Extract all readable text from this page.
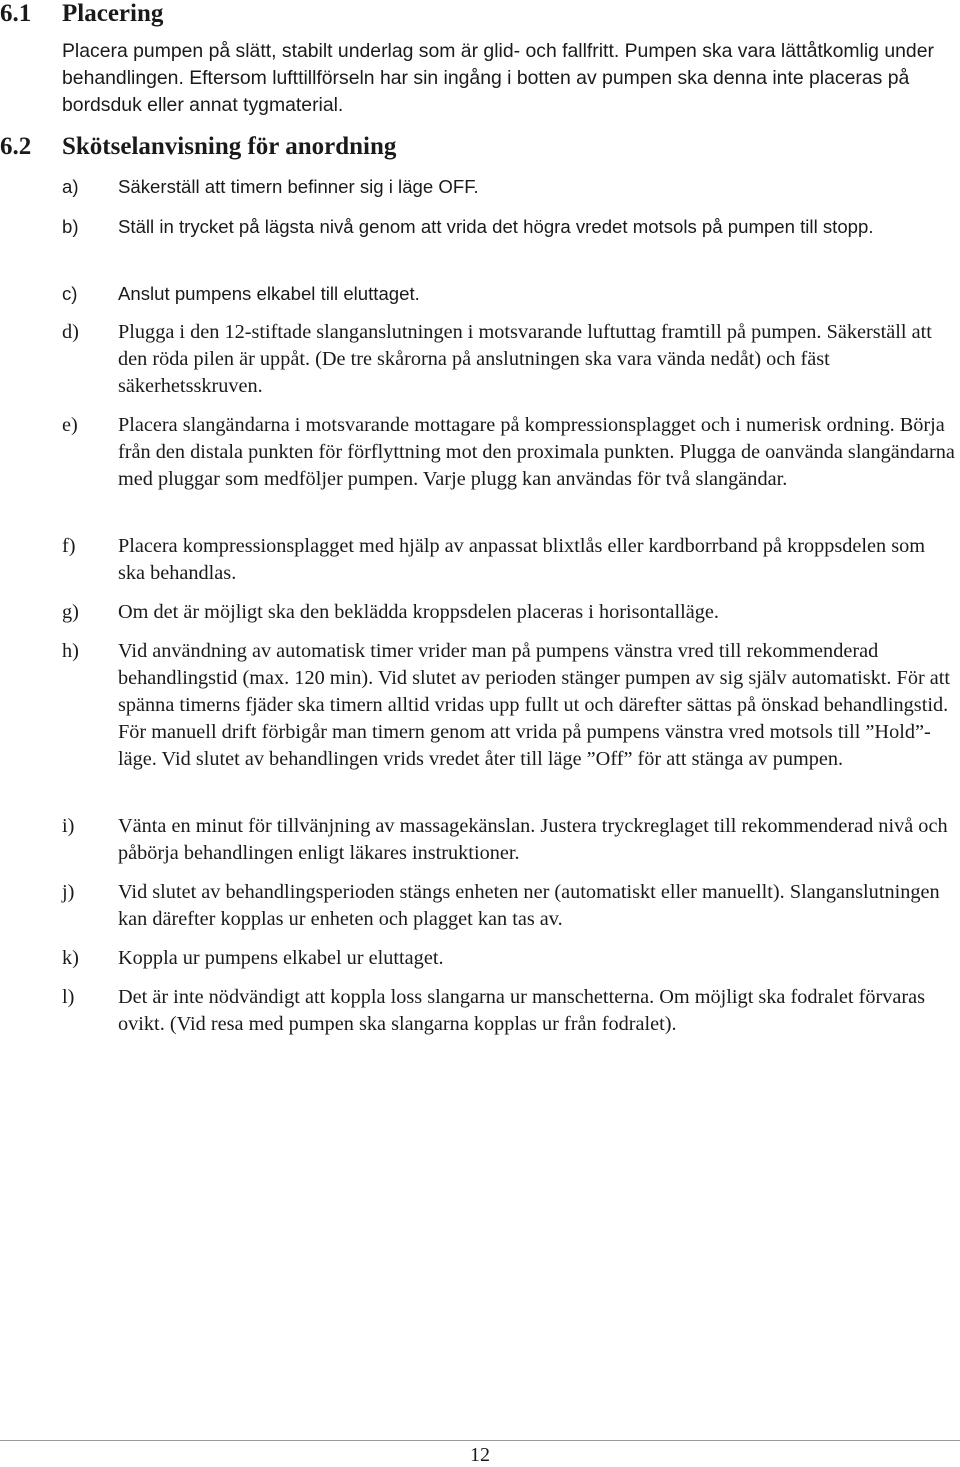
6.1 Placering

Placera pumpen på slätt, stabilt underlag som är glid- och fallfritt. Pumpen ska vara lättåtkomlig under behandlingen. Eftersom lufttillförseln har sin ingång i botten av pumpen ska denna inte placeras på bordsduk eller annat tygmaterial.

6.2 Skötselanvisning för anordning
a) Säkerställ att timern befinner sig i läge OFF.
b) Ställ in trycket på lägsta nivå genom att vrida det högra vredet motsols på pumpen till stopp.
c) Anslut pumpens elkabel till eluttaget.
d) Plugga i den 12-stiftade slanganslutningen i motsvarande luftuttag framtill på pumpen. Säkerställ att den röda pilen är uppåt. (De tre skårorna på anslutningen ska vara vända nedåt) och fäst säkerhetsskruven.
e) Placera slangändarna i motsvarande mottagare på kompressionsplagget och i numerisk ordning. Börja från den distala punkten för förflyttning mot den proximala punkten. Plugga de oanvända slangändarna med pluggar som medföljer pumpen. Varje plugg kan användas för två slangändar.
f) Placera kompressionsplagget med hjälp av anpassat blixtlås eller kardborrband på kroppsdelen som ska behandlas.
g) Om det är möjligt ska den beklädda kroppsdelen placeras i horisontalläge.
h) Vid användning av automatisk timer vrider man på pumpens vänstra vred till rekommenderad behandlingstid (max. 120 min). Vid slutet av perioden stänger pumpen av sig själv automatiskt. För att spänna timerns fjäder ska timern alltid vridas upp fullt ut och därefter sättas på önskad behandlingstid. För manuell drift förbigår man timern genom att vrida på pumpens vänstra vred motsols till ”Hold”-läge. Vid slutet av behandlingen vrids vredet åter till läge ”Off” för att stänga av pumpen.
i) Vänta en minut för tillvänjning av massagekänslan. Justera tryckreglaget till rekommenderad nivå och påbörja behandlingen enligt läkares instruktioner.
j) Vid slutet av behandlingsperioden stängs enheten ner (automatiskt eller manuellt). Slanganslutningen kan därefter kopplas ur enheten och plagget kan tas av.
k) Koppla ur pumpens elkabel ur eluttaget.
l) Det är inte nödvändigt att koppla loss slangarna ur manschetterna. Om möjligt ska fodralet förvaras ovikt. (Vid resa med pumpen ska slangarna kopplas ur från fodralet).
12
